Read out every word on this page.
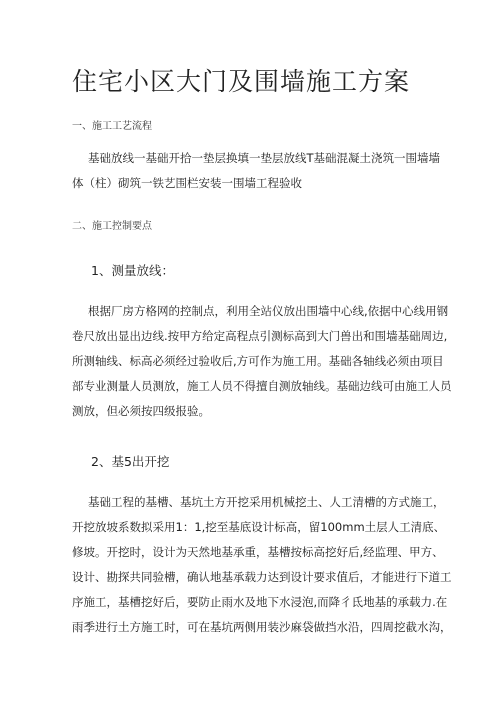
住宅小区大门及围墙施工方案
一、施工工艺流程
基础放线一基础开拾一垫层换填一垫层放线T基础混凝土浇筑一围墙墙
体（柱）砌筑一铁艺围栏安装一围墙工程验收
二、施工控制要点
1、测量放线：
根据厂房方格网的控制点，利用全站仪放出围墙中心线,依据中心线用钢
卷尺放出显出边线.按甲方给定高程点引测标高到大门兽出和围墙基础周边,
所测轴线、标高必须经过验收后,方可作为施工用。基础各轴线必须由项目
部专业测量人员测放，施工人员不得擅自测放轴线。基础边线可由施工人员
测放，但必须按四级报验。
2、基5出开挖
基础工程的基槽、基坑土方开挖采用机械挖土、人工清槽的方式施工，
开挖放坡系数拟采用1：1,挖至基底设计标高，留100mm土层人工清底、
修坡。开挖时，设计为天然地基承重，基槽按标高挖好后,经监理、甲方、
设计、勘探共同验槽，确认地基承载力达到设计要求值后，才能进行下道工
序施工，基槽挖好后，要防止雨水及地下水浸泡,而降彳氐地基的承载力.在
雨季进行土方施工时，可在基坑两侧用装沙麻袋做挡水沿，四周挖截水沟，
